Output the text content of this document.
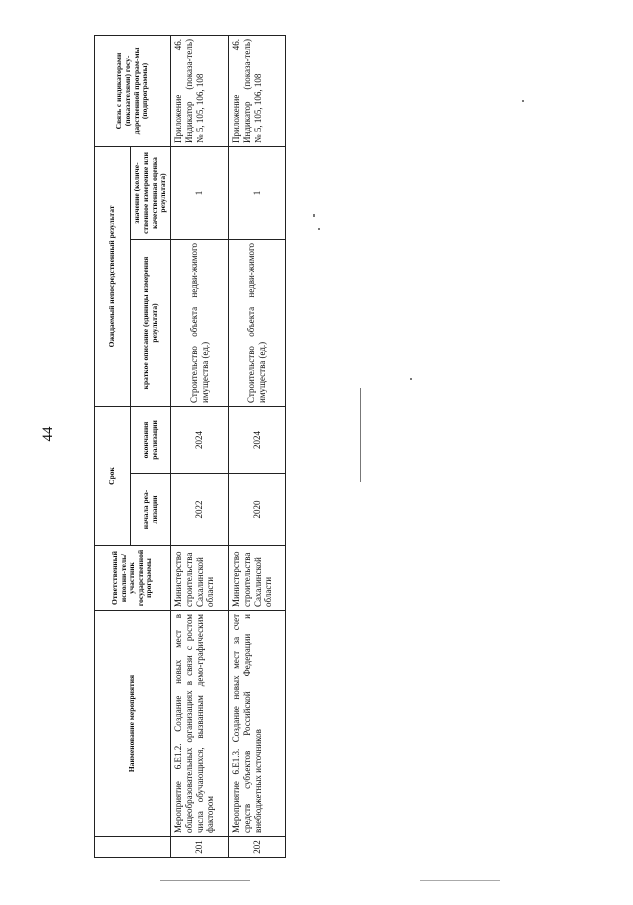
44
	Наименование мероприятия	Ответственный исполни-тель/участник государственной программы	Срок		Ожидаемый непосредственный результат		Связь с индикаторами (показателями) госу-дарственной програм-мы (подпрограммы)
			начала реа-лизации	окончания реализации	краткое описание (единицы измерения результата)	значение (количе-ственное измерение или качественная оценка результата)	
201	Мероприятие 6.E1.2. Создание новых мест в общеобразовательных организациях в связи с ростом числа обучающихся, вызванным демо-графическим фактором	Министерство строительства Сахалинской области	2022	2024	Строительство объекта недви-жимого имущества (ед.)	1	Приложение 46. Индикатор (показа-тель) № 5, 105, 106, 108
202	Мероприятие 6.E1.3. Создание новых мест за счет средств субъектов Российской Федерации и внебюджетных источников	Министерство строительства Сахалинской области	2020	2024	Строительство объекта недви-жимого имущества (ед.)	1	Приложение 46. Индикатор (показа-тель) № 5, 105, 106, 108
